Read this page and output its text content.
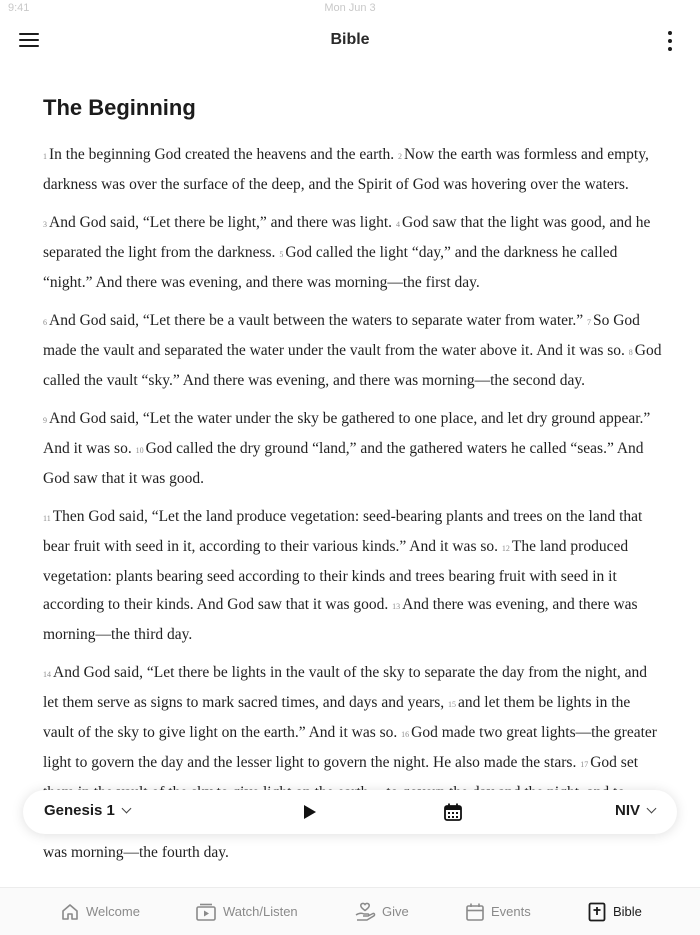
9:41	Mon Jun 3
Bible
The Beginning

1 In the beginning God created the heavens and the earth. 2 Now the earth was formless and empty, darkness was over the surface of the deep, and the Spirit of God was hovering over the waters.

3 And God said, “Let there be light,” and there was light. 4 God saw that the light was good, and he separated the light from the darkness. 5 God called the light “day,” and the darkness he called “night.” And there was evening, and there was morning—the first day.

6 And God said, “Let there be a vault between the waters to separate water from water.” 7 So God made the vault and separated the water under the vault from the water above it. And it was so. 8 God called the vault “sky.” And there was evening, and there was morning—the second day.

9 And God said, “Let the water under the sky be gathered to one place, and let dry ground appear.” And it was so. 10 God called the dry ground “land,” and the gathered waters he called “seas.” And God saw that it was good.

11 Then God said, “Let the land produce vegetation: seed-bearing plants and trees on the land that bear fruit with seed in it, according to their various kinds.” And it was so. 12 The land produced vegetation: plants bearing seed according to their kinds and trees bearing fruit with seed in it according to their kinds. And God saw that it was good. 13 And there was evening, and there was morning—the third day.

14 And God said, “Let there be lights in the vault of the sky to separate the day from the night, and let them serve as signs to mark sacred times, and days and years, 15 and let them be lights in the vault of the sky to give light on the earth.” And it was so. 16 God made two great lights—the greater light to govern the day and the lesser light to govern the night. He also made the stars. 17 God set was morning—the fourth day.

Genesis 1	NIV
Welcome	Watch/Listen	Give	Events	Bible
